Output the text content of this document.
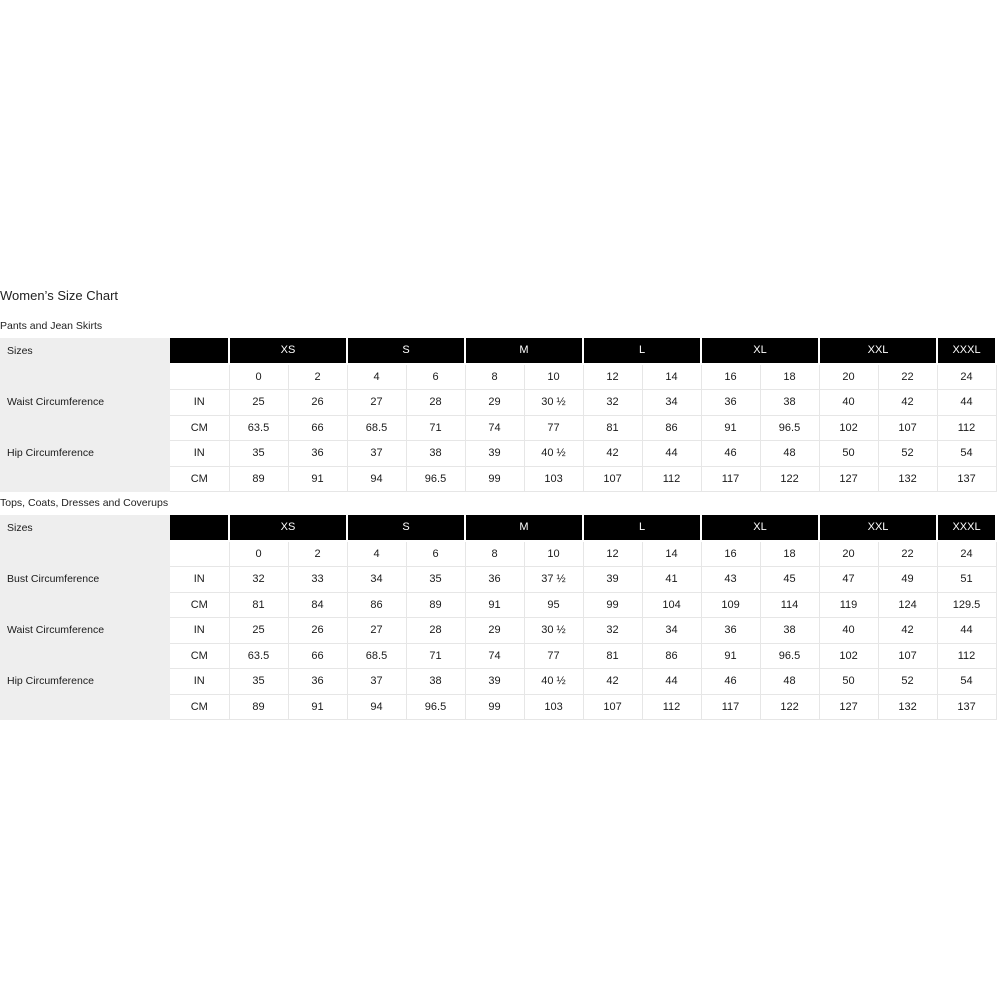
Women’s Size Chart
Pants and Jean Skirts
Sizes		XS		S		M		L		XL		XXL		XXXL
		0	2	4	6	8	10	12	14	16	18	20	22	24
Waist Circumference	IN	25	26	27	28	29	30 ½	32	34	36	38	40	42	44
	CM	63.5	66	68.5	71	74	77	81	86	91	96.5	102	107	112
Hip Circumference	IN	35	36	37	38	39	40 ½	42	44	46	48	50	52	54
	CM	89	91	94	96.5	99	103	107	112	117	122	127	132	137
Tops, Coats, Dresses and Coverups
Sizes		XS		S		M		L		XL		XXL		XXXL
		0	2	4	6	8	10	12	14	16	18	20	22	24
Bust Circumference	IN	32	33	34	35	36	37 ½	39	41	43	45	47	49	51
	CM	81	84	86	89	91	95	99	104	109	114	119	124	129.5
Waist Circumference	IN	25	26	27	28	29	30 ½	32	34	36	38	40	42	44
	CM	63.5	66	68.5	71	74	77	81	86	91	96.5	102	107	112
Hip Circumference	IN	35	36	37	38	39	40 ½	42	44	46	48	50	52	54
	CM	89	91	94	96.5	99	103	107	112	117	122	127	132	137
